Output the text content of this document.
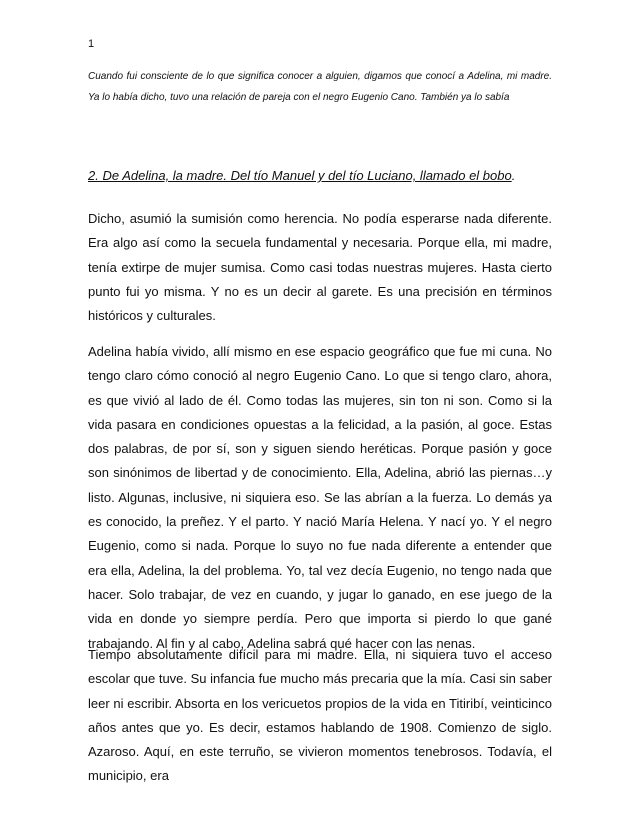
1

Cuando fui consciente de lo que significa conocer a alguien, digamos que conocí a Adelina, mi madre. Ya lo había dicho, tuvo una relación de pareja con el negro Eugenio Cano. También ya lo sabía

2. De Adelina, la madre. Del tío Manuel y del tío Luciano, llamado el bobo.

Dicho, asumió la sumisión como herencia. No podía esperarse nada diferente. Era algo así como la secuela fundamental y necesaria. Porque ella, mi madre, tenía extirpe de mujer sumisa. Como casi todas nuestras mujeres. Hasta cierto punto fui yo misma. Y no es un decir al garete. Es una precisión en términos históricos y culturales.

Adelina había vivido, allí mismo en ese espacio geográfico que fue mi cuna. No tengo claro cómo conoció al negro Eugenio Cano. Lo que si tengo claro, ahora, es que vivió al lado de él. Como todas las mujeres, sin ton ni son. Como si la vida pasara en condiciones opuestas a la felicidad, a la pasión, al goce. Estas dos palabras, de por sí, son y siguen siendo heréticas. Porque pasión y goce son sinónimos de libertad y de conocimiento. Ella, Adelina, abrió las piernas…y listo. Algunas, inclusive, ni siquiera eso. Se las abrían a la fuerza. Lo demás ya es conocido, la preñez. Y el parto. Y nació María Helena. Y nací yo. Y el negro Eugenio, como si nada. Porque lo suyo no fue nada diferente a entender que era ella, Adelina, la del problema. Yo, tal vez decía Eugenio, no tengo nada que hacer. Solo trabajar, de vez en cuando, y jugar lo ganado, en ese juego de la vida en donde yo siempre perdía. Pero que importa si pierdo lo que gané trabajando. Al fin y al cabo, Adelina sabrá qué hacer con las nenas.

Tiempo absolutamente difícil para mi madre. Ella, ni siquiera tuvo el acceso escolar que tuve. Su infancia fue mucho más precaria que la mía. Casi sin saber leer ni escribir. Absorta en los vericuetos propios de la vida en Titiribí, veinticinco años antes que yo. Es decir, estamos hablando de 1908. Comienzo de siglo. Azaroso. Aquí, en este terruño, se vivieron momentos tenebrosos. Todavía, el municipio, era
